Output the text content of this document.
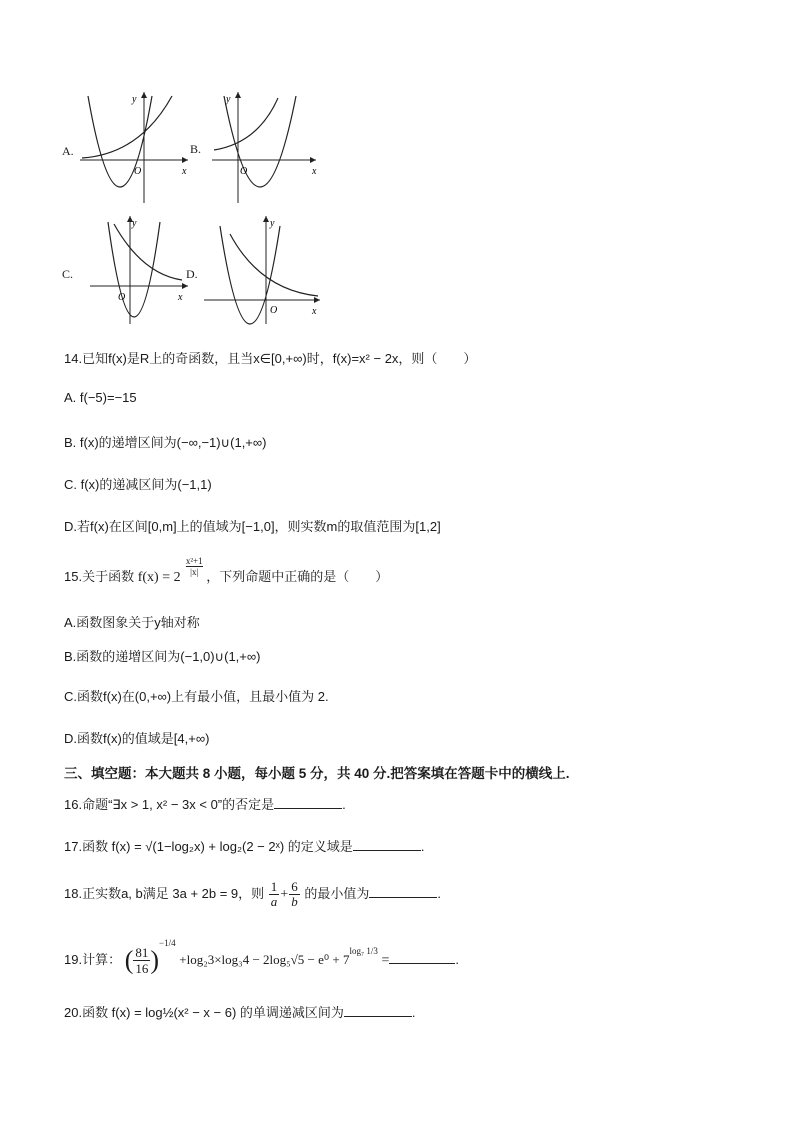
A.
y
x
O
B.
y
x
O
C.
y
x
O
D.
y
x
O
14.已知f(x)是R上的奇函数，且当x∈[0,+∞)时，f(x)=x² − 2x，则（　　）
A. f(−5)=−15
B. f(x)的递增区间为(−∞,−1)∪(1,+∞)
C. f(x)的递减区间为(−1,1)
D.若f(x)在区间[0,m]上的值域为[−1,0]，则实数m的取值范围为[1,2]
15.关于函数 f(x) = 2
$\frac{\text{x²+1}}{|x|}$ ，下列命题中正确的是（　　）
A.函数图象关于y轴对称
B.函数的递增区间为(−1,0)∪(1,+∞)
C.函数f(x)在(0,+∞)上有最小值，且最小值为 2.
D.函数f(x)的值域是[4,+∞)
三、填空题：本大题共 8 小题，每小题 5 分，共 40 分.把答案填在答题卡中的横线上.
16.命题“∃x > 1, x² − 3x < 0”的否定是	.
17.函数 f(x) = √(1−log₂x) + log₂(2 − 2ˣ) 的定义域是	.
18.正实数a, b满足 3a + 2b = 9，则 $\frac{1}{a} + \frac{6}{b}$ 的最小值为	.
19.计算： ( $\frac{81}{16} )^{-1/4} +\log_23\times\log_34 - 2\log_5√5 - e^0 + 7^{log_7 1/3}$ =	.
20.函数 f(x) = log½(x² − x − 6) 的单调递减区间为	.
